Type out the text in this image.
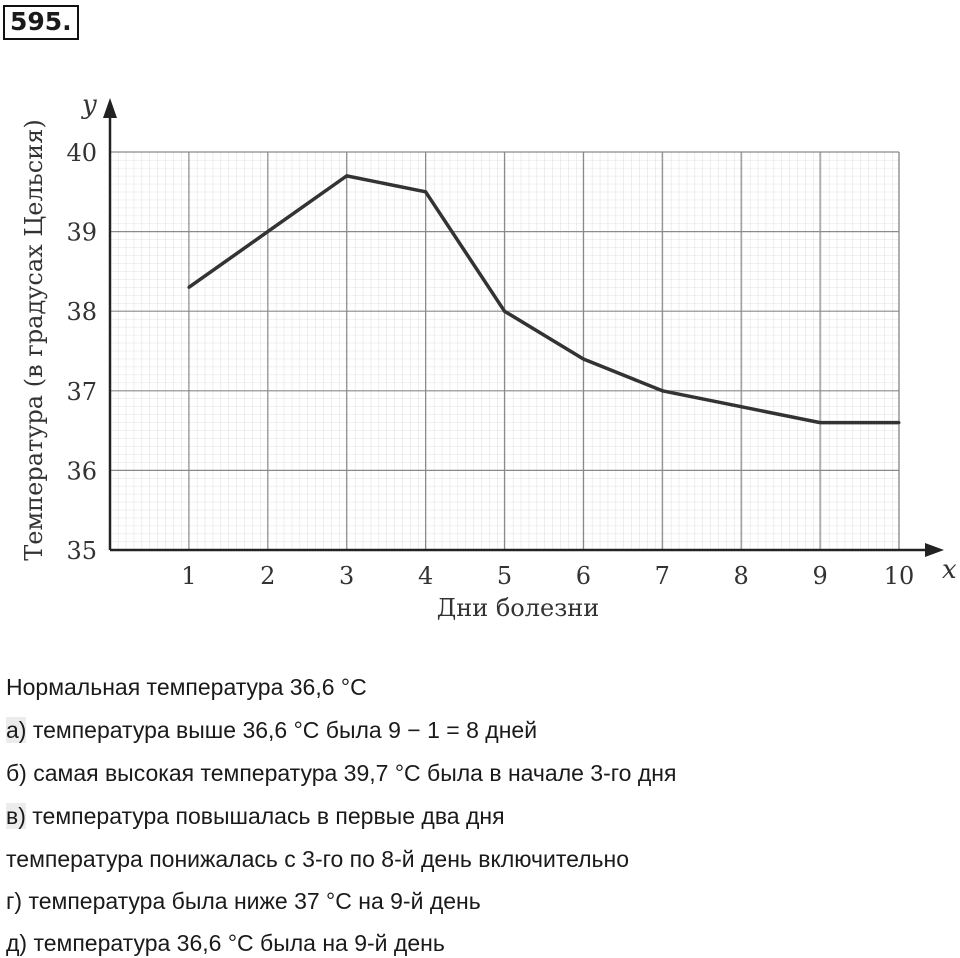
595.
1	2	3	4	5	6	7	8	9 10
35
36
37
38
39
40
x
y
Дни болезни
Температура (в градусах Цельсия)
Нормальная температура 36,6 °C
а) температура выше 36,6 °C была 9 − 1 = 8 дней
б) самая высокая температура 39,7 °C была в начале 3-го дня
в) температура повышалась в первые два дня
температура понижалась с 3-го по 8-й день включительно
г) температура была ниже 37 °C на 9-й день
д) температура 36,6 °C была на 9-й день
